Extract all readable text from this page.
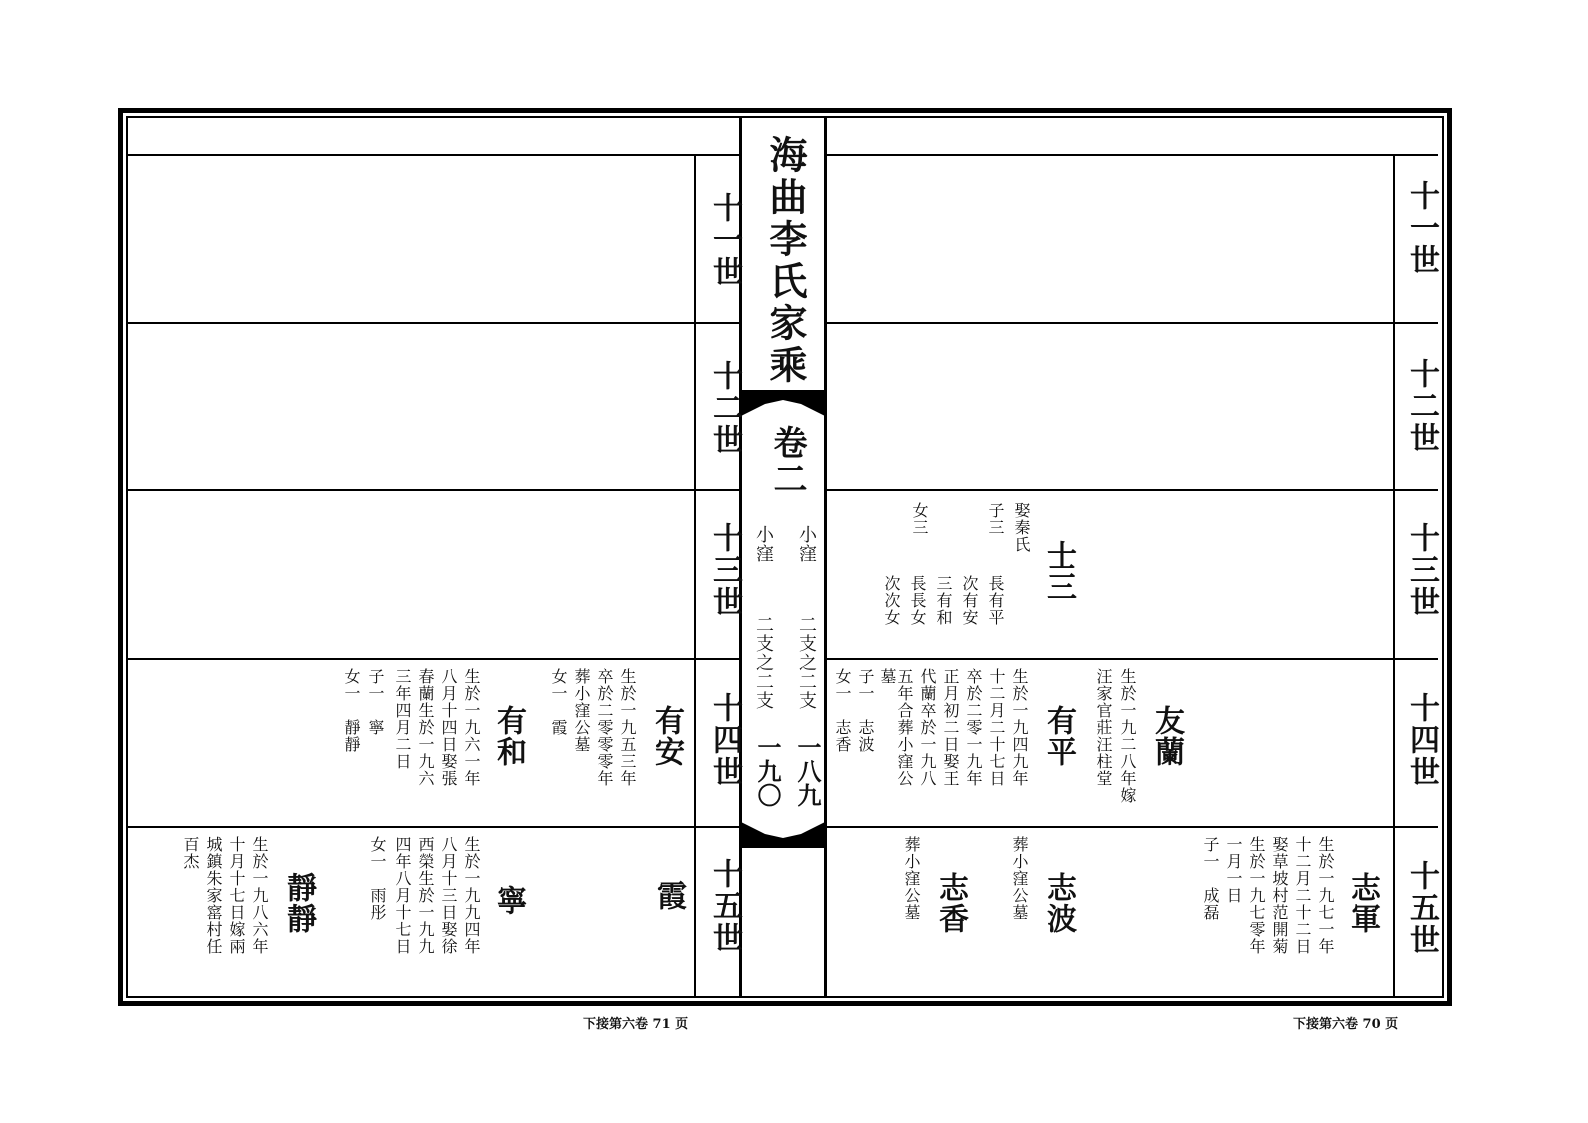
海曲李氏家乘
卷二
小窪
小窪
二支之二支
二支之二支
一八九
一九〇
十一世
十二世
十三世
十四世
十五世
十一世
十二世
十三世
十四世
十五世
士三
娶秦氏
子三
女三
長有平
次有安
三有和
長長女
次次女
友蘭
生於一九二八年嫁
汪家官莊汪柱堂
有平
生於一九四九年
十二月二十七日
卒於二零一九年
正月初二日娶王
代蘭卒於一九八
五年合葬小窪公
墓
子一　志波
女一　志香
志軍
生於一九七一年
十二月二十二日
娶草坡村范開菊
生於一九七零年
一月一日
子一　成磊
志波
葬小窪公墓
志香
葬小窪公墓
有安
生於一九五三年
卒於二零零零年
葬小窪公墓
女一　霞
有和
生於一九六一年
八月十四日娶張
春蘭生於一九六
三年四月二日
子一　寧
女一　靜靜
霞
寧
生於一九九四年
八月十三日娶徐
西榮生於一九九
四年八月十七日
女一　雨彤
靜靜
生於一九八六年
十月十七日嫁兩
城鎮朱家窰村任
百杰
下接第六卷 71 页	下接第六卷 70 页
